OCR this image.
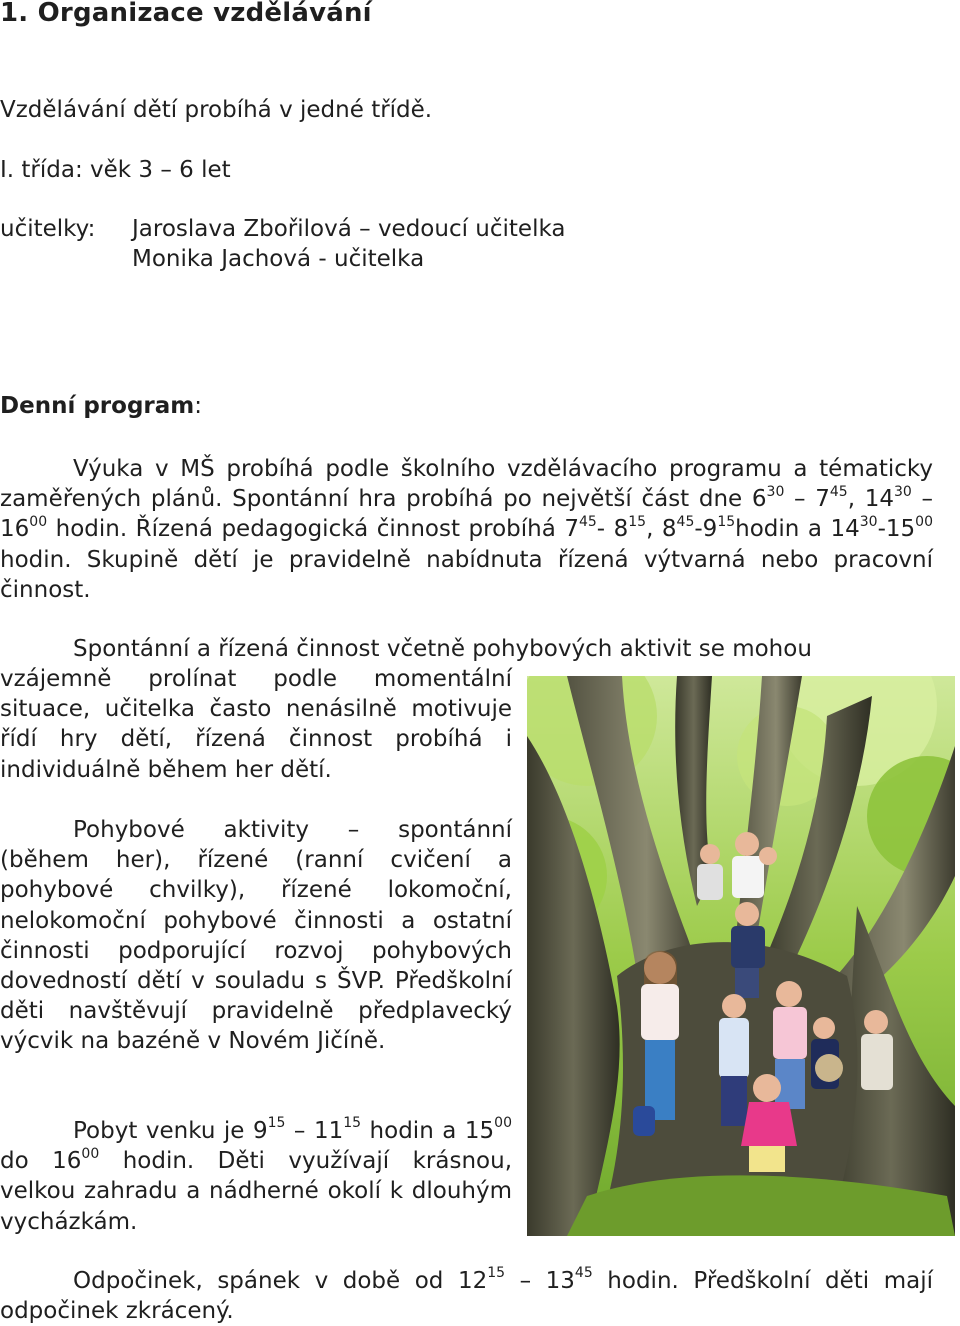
1. Organizace vzdělávání

Vzdělávání dětí probíhá v jedné třídě.

I. třída: věk 3 – 6 let

učitelky: Jaroslava Zbořilová – vedoucí učitelka
Monika Jachová - učitelka
Denní program:

Výuka v MŠ probíhá podle školního vzdělávacího programu a tématicky zaměřených plánů. Spontánní hra probíhá po největší část dne $6^{30} - 7^{45}$, $14^{30} - 16^{00}$ hodin. Řízená pedagogická činnost probíhá $7^{45}-$ $8^{15}$, $8^{45}-9^{15}hodin$ a $14^{30}-15^{00}$ hodin. Skupině dětí je pravidelně nabídnuta řízená výtvarná nebo pracovní činnost.

Spontánní a řízená činnost včetně pohybových aktivit se mohou

vzájemně prolínat podle momentální situace, učitelka často nenásilně motivuje řídí hry dětí, řízená činnost probíhá i individuálně během her dětí.

Pohybové aktivity – spontánní (během her), řízené (ranní cvičení a pohybové chvilky), řízené lokomoční, nelokomoční pohybové činnosti a ostatní činnosti podporující rozvoj pohybových dovedností dětí v souladu s ŠVP. Předškolní děti navštěvují pravidelně předplavecký výcvik na bazéně v Novém Jičíně.

Pobyt venku je $9^{15} - 11^{15}$ hodin a $15^{00}$ do $16^{00}$ hodin. Děti využívají krásnou, velkou zahradu a nádherné okolí k dlouhým vycházkám.

Odpočinek, spánek v době od $12^{15} - 13^{45}$ hodin. Předškolní děti mají odpočinek zkrácený.
